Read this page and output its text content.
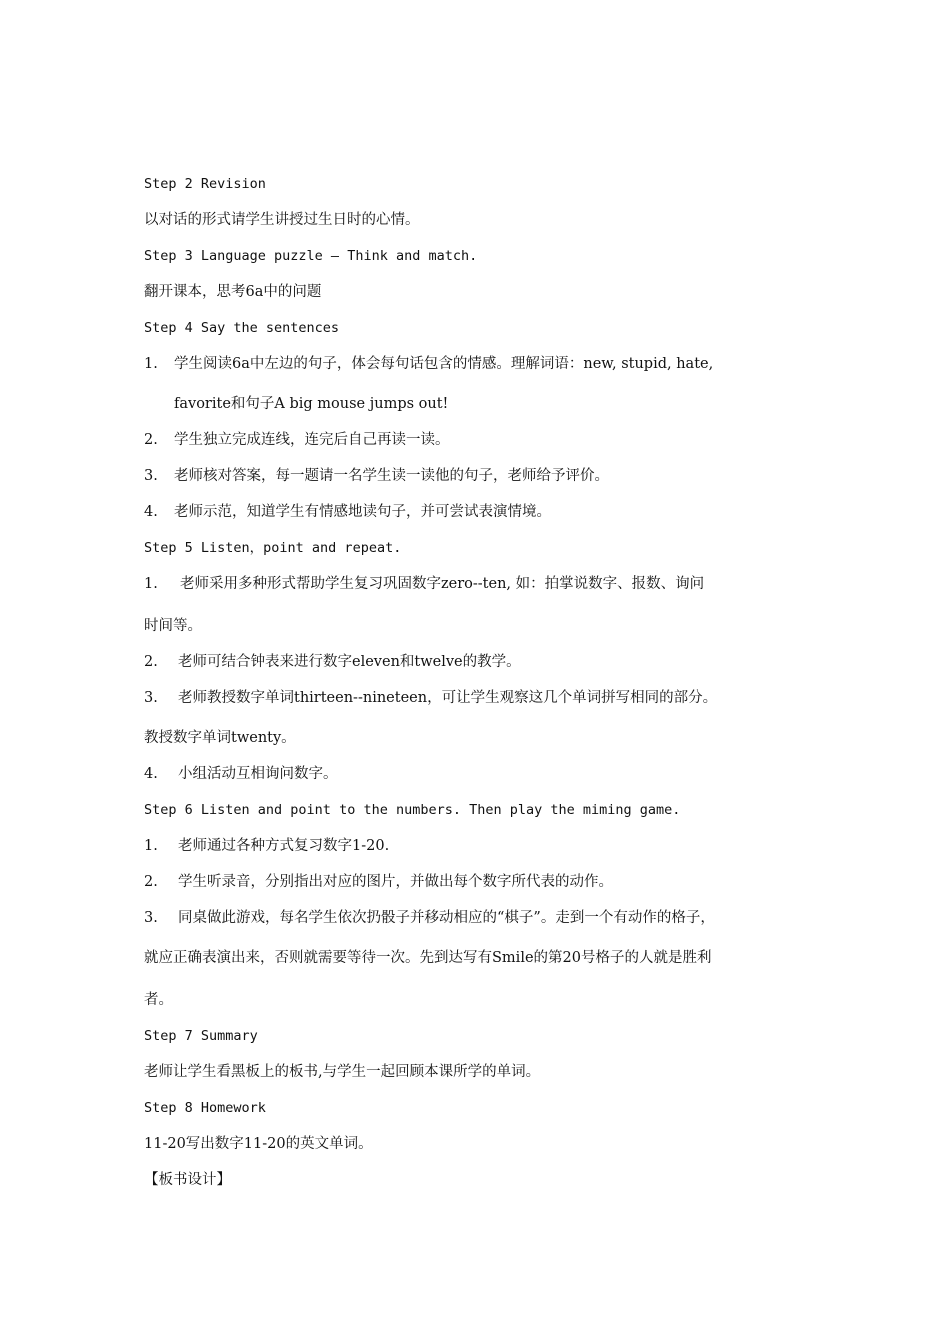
Step 2 Revision
以对话的形式请学生讲授过生日时的心情。
Step 3 Language puzzle — Think and match.
翻开课本，思考6a中的问题
Step 4 Say the sentences
1. 学生阅读6a中左边的句子，体会每句话包含的情感。理解词语：new, stupid, hate,
favorite和句子A big mouse jumps out!
2. 学生独立完成连线，连完后自己再读一读。
3. 老师核对答案，每一题请一名学生读一读他的句子，老师给予评价。
4. 老师示范，知道学生有情感地读句子，并可尝试表演情境。
Step 5 Listen，point and repeat.
1. 老师采用多种形式帮助学生复习巩固数字zero--ten, 如：拍掌说数字、报数、询问
时间等。
2. 老师可结合钟表来进行数字eleven和twelve的教学。
3. 老师教授数字单词thirteen--nineteen，可让学生观察这几个单词拼写相同的部分。
教授数字单词twenty。
4. 小组活动互相询问数字。
Step 6 Listen and point to the numbers. Then play the miming game.
1. 老师通过各种方式复习数字1-20.
2. 学生听录音，分别指出对应的图片，并做出每个数字所代表的动作。
3. 同桌做此游戏，每名学生依次扔骰子并移动相应的“棋子”。走到一个有动作的格子，
就应正确表演出来，否则就需要等待一次。先到达写有Smile的第20号格子的人就是胜利
者。
Step 7 Summary
老师让学生看黑板上的板书,与学生一起回顾本课所学的单词。
Step 8 Homework
11-20写出数字11-20的英文单词。
【板书设计】
